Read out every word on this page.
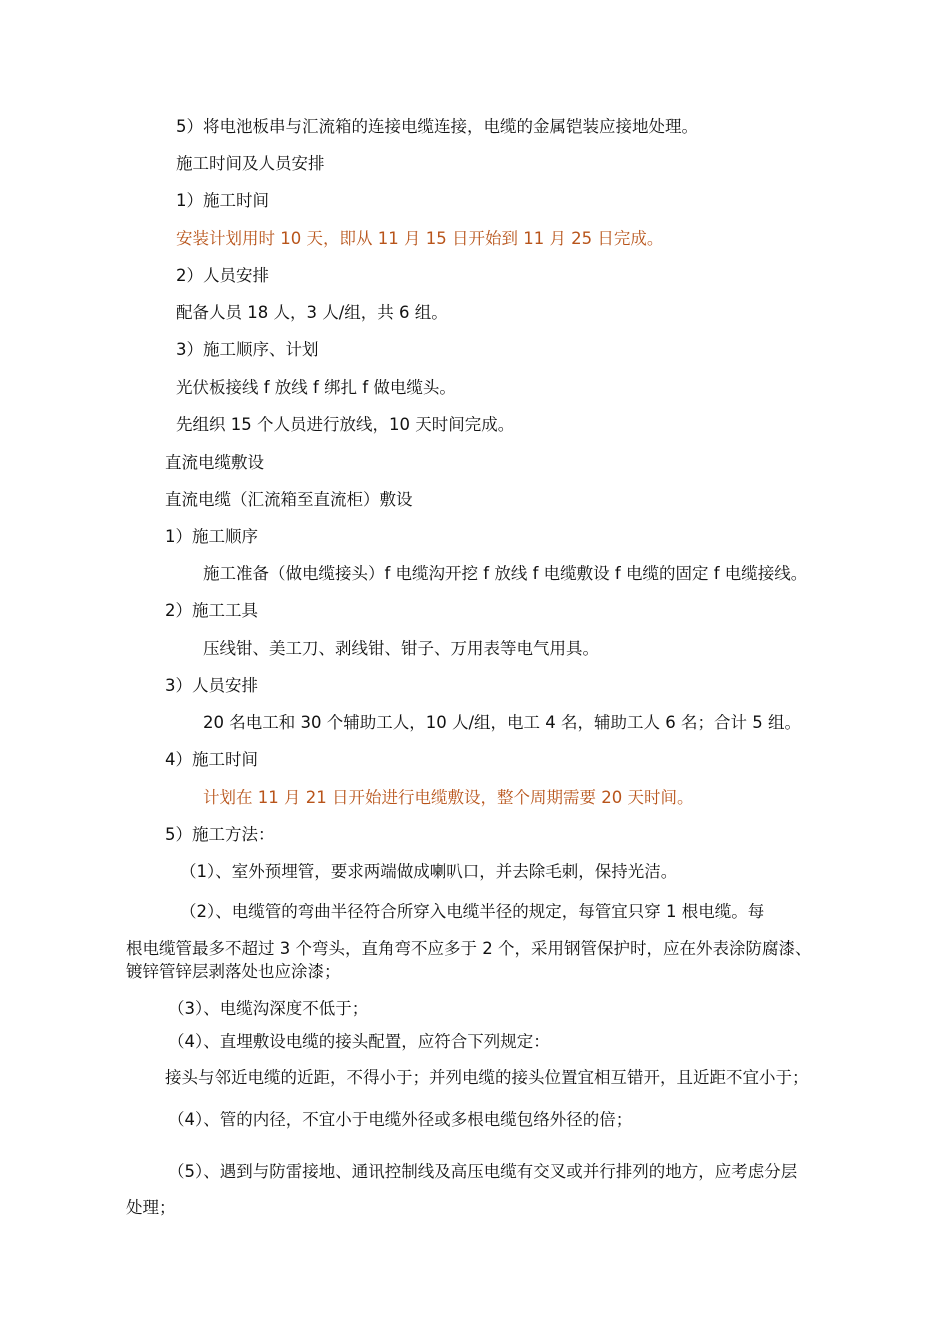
5）将电池板串与汇流箱的连接电缆连接，电缆的金属铠装应接地处理。
施工时间及人员安排
1）施工时间
安装计划用时 10 天，即从 11 月 15 日开始到 11 月 25 日完成。
2）人员安排
配备人员 18 人，3 人/组，共 6 组。
3）施工顺序、计划
光伏板接线 f 放线 f 绑扎 f 做电缆头。
先组织 15 个人员进行放线，10 天时间完成。
直流电缆敷设
直流电缆（汇流箱至直流柜）敷设
1）施工顺序
施工准备（做电缆接头）f 电缆沟开挖 f 放线 f 电缆敷设 f 电缆的固定 f 电缆接线。
2）施工工具
压线钳、美工刀、剥线钳、钳子、万用表等电气用具。
3）人员安排
20 名电工和 30 个辅助工人，10 人/组，电工 4 名，辅助工人 6 名；合计 5 组。
4）施工时间
计划在 11 月 21 日开始进行电缆敷设，整个周期需要 20 天时间。
5）施工方法：
（1）、室外预埋管，要求两端做成喇叭口，并去除毛刺，保持光洁。
（2）、电缆管的弯曲半径符合所穿入电缆半径的规定，每管宜只穿 1 根电缆。每
根电缆管最多不超过 3 个弯头，直角弯不应多于 2 个，采用钢管保护时，应在外表涂防腐漆、
镀锌管锌层剥落处也应涂漆；
（3）、电缆沟深度不低于；
（4）、直埋敷设电缆的接头配置，应符合下列规定：
接头与邻近电缆的近距，不得小于；并列电缆的接头位置宜相互错开，且近距不宜小于；
（4）、管的内径，不宜小于电缆外径或多根电缆包络外径的倍；
（5）、遇到与防雷接地、通讯控制线及高压电缆有交叉或并行排列的地方，应考虑分层
处理；
